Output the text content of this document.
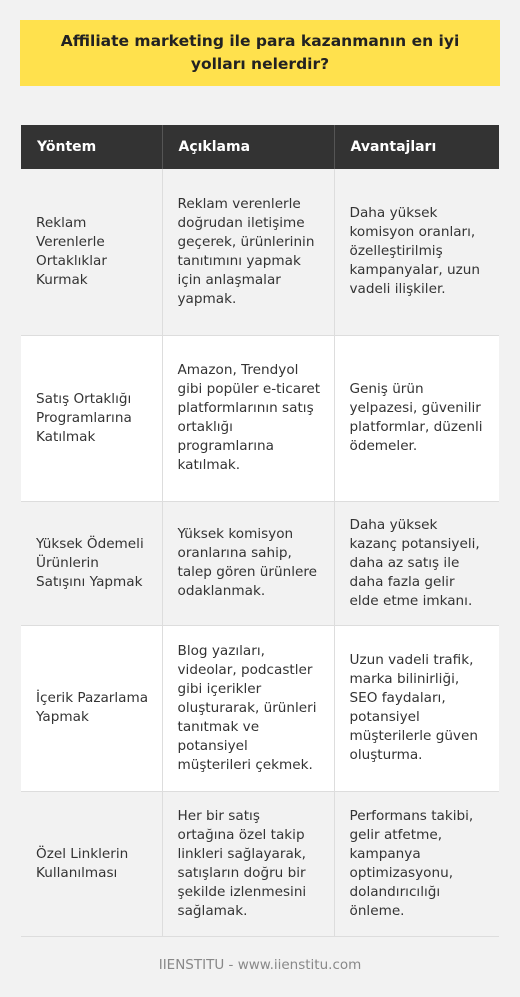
Affiliate marketing ile para kazanmanın en iyi yolları nelerdir?
Yöntem	Açıklama	Avantajları
Reklam Verenlerle Ortaklıklar Kurmak	Reklam verenlerle doğrudan iletişime geçerek, ürünlerinin tanıtımını yapmak için anlaşmalar yapmak.	Daha yüksek komisyon oranları, özelleştirilmiş kampanyalar, uzun vadeli ilişkiler.
Satış Ortaklığı Programlarına Katılmak	Amazon, Trendyol gibi popüler e-ticaret platformlarının satış ortaklığı programlarına katılmak.	Geniş ürün yelpazesi, güvenilir platformlar, düzenli ödemeler.
Yüksek Ödemeli Ürünlerin Satışını Yapmak	Yüksek komisyon oranlarına sahip, talep gören ürünlere odaklanmak.	Daha yüksek kazanç potansiyeli, daha az satış ile daha fazla gelir elde etme imkanı.
İçerik Pazarlama Yapmak	Blog yazıları, videolar, podcastler gibi içerikler oluşturarak, ürünleri tanıtmak ve potansiyel müşterileri çekmek.	Uzun vadeli trafik, marka bilinirliği, SEO faydaları, potansiyel müşterilerle güven oluşturma.
Özel Linklerin Kullanılması	Her bir satış ortağına özel takip linkleri sağlayarak, satışların doğru bir şekilde izlenmesini sağlamak.	Performans takibi, gelir atfetme, kampanya optimizasyonu, dolandırıcılığı önleme.
IIENSTITU - www.iienstitu.com
